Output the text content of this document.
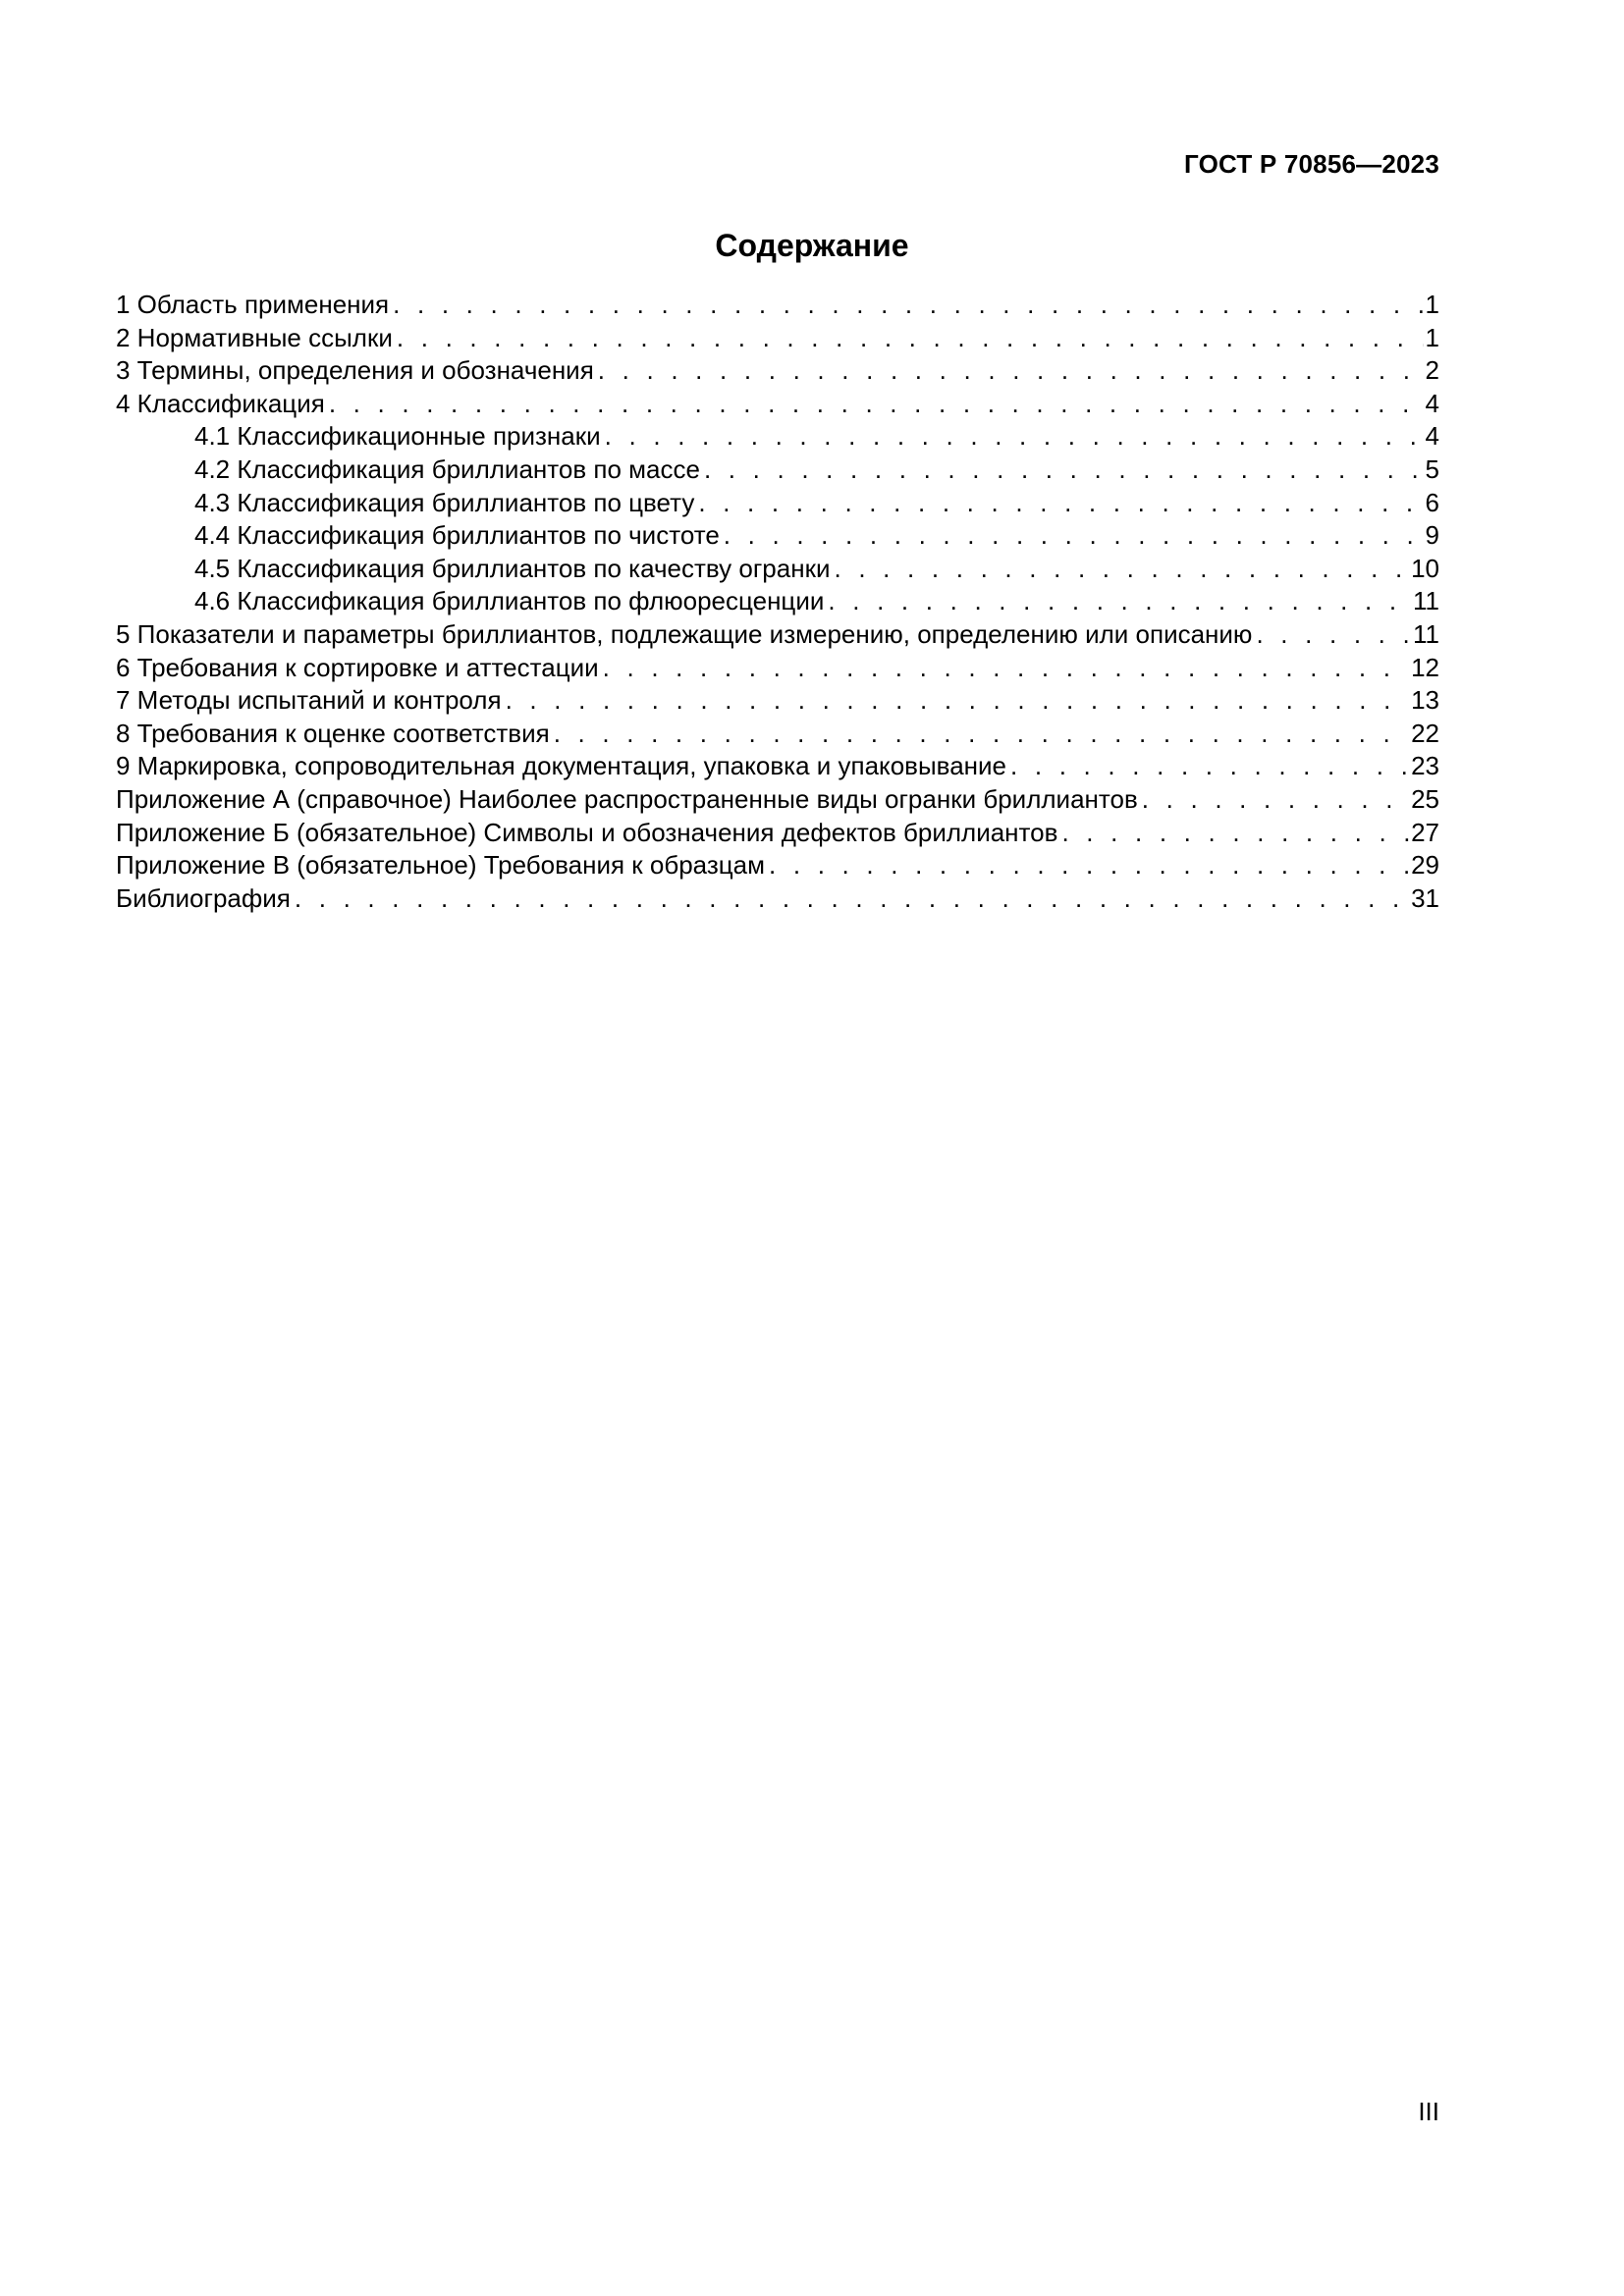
ГОСТ Р 70856—2023
Содержание
1 Область применения . . .	1
2 Нормативные ссылки . . .	1
3 Термины, определения и обозначения . . .	2
4 Классификация . . .	4
4.1 Классификационные признаки . . .	4
4.2 Классификация бриллиантов по массе . . .	5
4.3 Классификация бриллиантов по цвету . . .	6
4.4 Классификация бриллиантов по чистоте . . .	9
4.5 Классификация бриллиантов по качеству огранки . . .	10
4.6 Классификация бриллиантов по флюоресценции . . .	11
5 Показатели и параметры бриллиантов, подлежащие измерению, определению или описанию . . .	11
6 Требования к сортировке и аттестации . . .	12
7 Методы испытаний и контроля . . .	13
8 Требования к оценке соответствия . . .	22
9 Маркировка, сопроводительная документация, упаковка и упаковывание . . .	23
Приложение А (справочное) Наиболее распространенные виды огранки бриллиантов . . .	25
Приложение Б (обязательное) Символы и обозначения дефектов бриллиантов . . .	27
Приложение В (обязательное) Требования к образцам . . .	29
Библиография . . .	31
III
